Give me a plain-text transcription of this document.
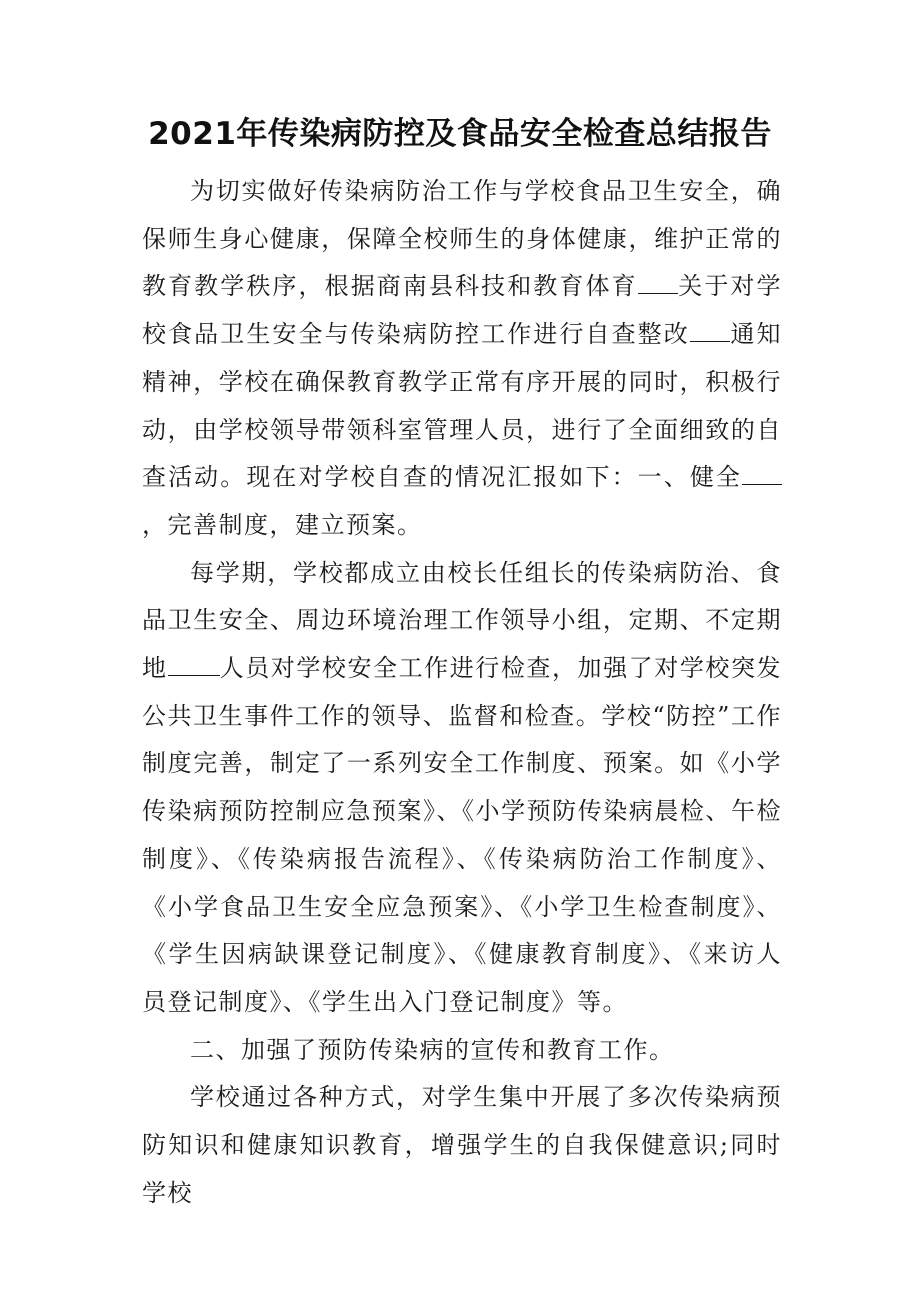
2021年传染病防控及食品安全检查总结报告

为切实做好传染病防治工作与学校食品卫生安全，确保师生身心健康，保障全校师生的身体健康，维护正常的教育教学秩序，根据商南县科技和教育体育 关于对学校食品卫生安全与传染病防控工作进行自查整改 通知精神，学校在确保教育教学正常有序开展的同时，积极行动，由学校领导带领科室管理人员，进行了全面细致的自查活动。现在对学校自查的情况汇报如下：一、健全，完善制度，建立预案。

每学期，学校都成立由校长任组长的传染病防治、食品卫生安全、周边环境治理工作领导小组，定期、不定期地 人员对学校安全工作进行检查，加强了对学校突发公共卫生事件工作的领导、监督和检查。学校“防控”工作制度完善，制定了一系列安全工作制度、预案。如《小学传染病预防控制应急预案》、《小学预防传染病晨检、午检制度》、《传染病报告流程》、《传染病防治工作制度》、《小学食品卫生安全应急预案》、《小学卫生检查制度》、《学生因病缺课登记制度》、《健康教育制度》、《来访人员登记制度》、《学生出入门登记制度》等。

二、加强了预防传染病的宣传和教育工作。

学校通过各种方式，对学生集中开展了多次传染病预防知识和健康知识教育，增强学生的自我保健意识;同时学校
